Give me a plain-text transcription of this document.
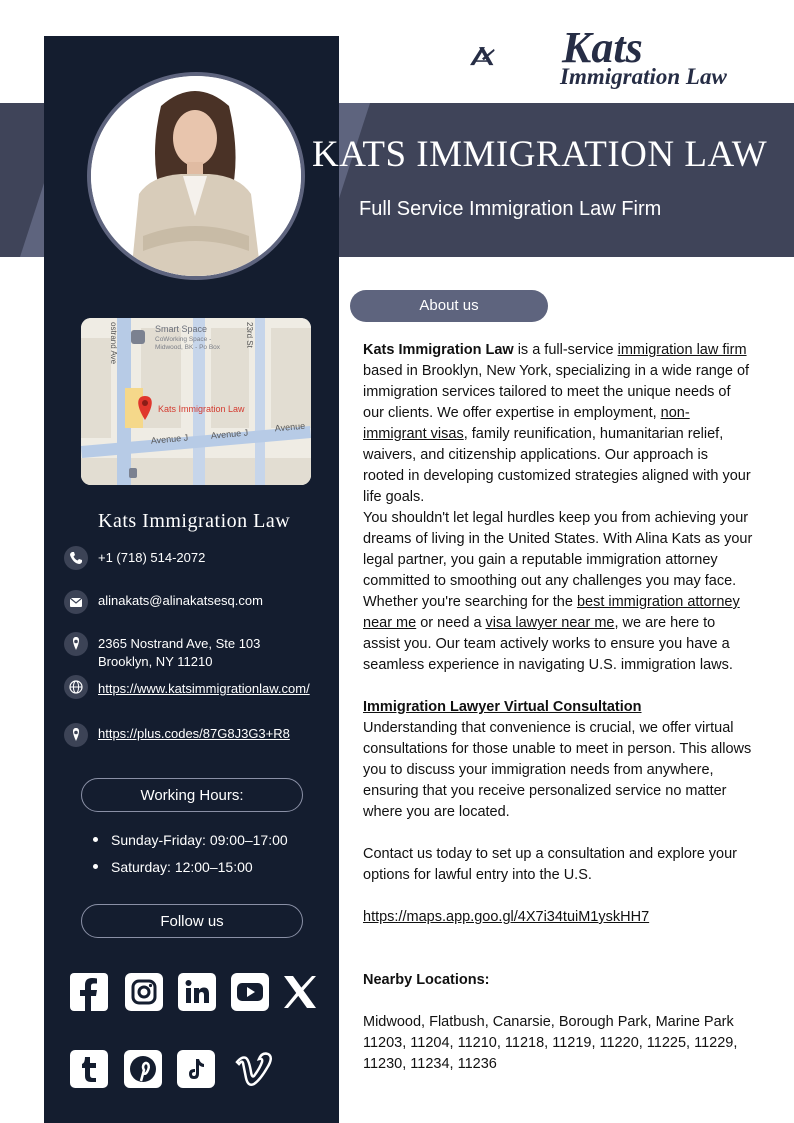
Kats
Immigration Law
KATS IMMIGRATION LAW
Full Service Immigration Law Firm
Smart Space
CoWorking Space -
Midwood, BK - Po Box
Kats Immigration Law
Avenue J Avenue J
Avenue
ostrand Ave	23rd St
Kats Immigration Law
+1 (718) 514-2072
alinakats@alinakatsesq.com
2365 Nostrand Ave, Ste 103
Brooklyn, NY 11210
https://www.katsimmigrationlaw.com/
https://plus.codes/87G8J3G3+R8
Working Hours:
Sunday-Friday: 09:00–17:00
Saturday: 12:00–15:00
Follow us
About us

Kats Immigration Law is a full-service immigration law firm based in Brooklyn, New York, specializing in a wide range of immigration services tailored to meet the unique needs of our clients. We offer expertise in employment, non-immigrant visas, family reunification, humanitarian relief, waivers, and citizenship applications. Our approach is rooted in developing customized strategies aligned with your life goals.

You shouldn't let legal hurdles keep you from achieving your dreams of living in the United States. With Alina Kats as your legal partner, you gain a reputable immigration attorney committed to smoothing out any challenges you may face. Whether you're searching for the best immigration attorney near me or need a visa lawyer near me, we are here to assist you. Our team actively works to ensure you have a seamless experience in navigating U.S. immigration laws.

Immigration Lawyer Virtual Consultation

Understanding that convenience is crucial, we offer virtual consultations for those unable to meet in person. This allows you to discuss your immigration needs from anywhere, ensuring that you receive personalized service no matter where you are located.

Contact us today to set up a consultation and explore your options for lawful entry into the U.S.

https://maps.app.goo.gl/4X7i34tuiM1yskHH7

Nearby Locations:

Midwood, Flatbush, Canarsie, Borough Park, Marine Park 11203, 11204, 11210, 11218, 11219, 11220, 11225, 11229, 11230, 11234, 11236
